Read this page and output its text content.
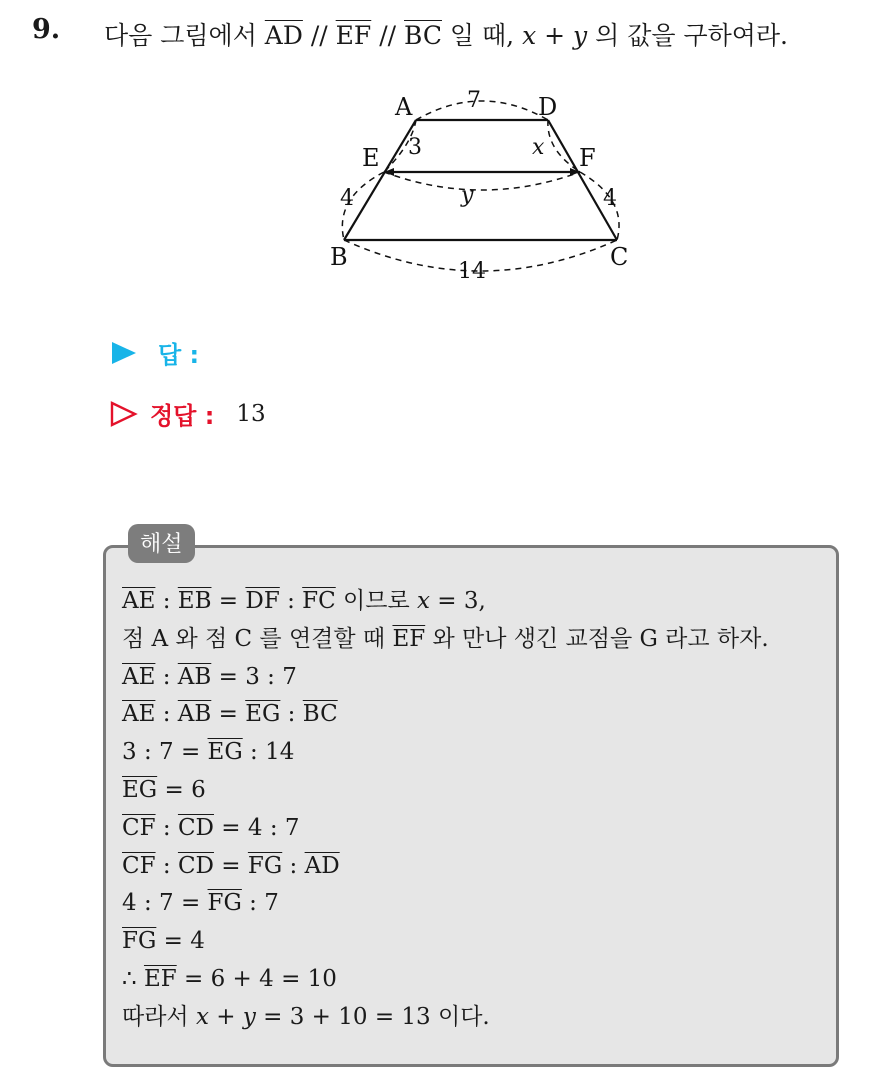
9. 다음 그림에서 $\overline{AD} // \overline{EF} // \overline{BC}$ 일 때, x + y 의 값을 구하여라.
A	D
E	F
B	C
7
3	x
y
4	4
14
답 :
정답 : 13
해설
$\overline{AE}$ : $\overline{EB} = \overline{DF}$ : $\overline{FC}$ 이므로 x = 3,
점 A 와 점 C 를 연결할 때 $\overline{EF}$ 와 만나 생긴 교점을 G 라고 하자.
$\overline{AE}$ : $\overline{AB} = 3$ : 7
$\overline{AE}$ : $\overline{AB} = \overline{EG}$ : $\overline{BC}$
3 : $7 = \overline{EG}$ : 14
$\overline{EG} = 6$
$\overline{CF}$ : $\overline{CD} = 4$ : 7
$\overline{CF}$ : $\overline{CD} = \overline{FG}$ : $\overline{AD}$
4 : $7 = \overline{FG}$ : 7
$\overline{FG} = 4$
∴ $\overline{EF} = 6 + 4 = 10$
따라서 x + y = 3 + 10 = 13 이다.
